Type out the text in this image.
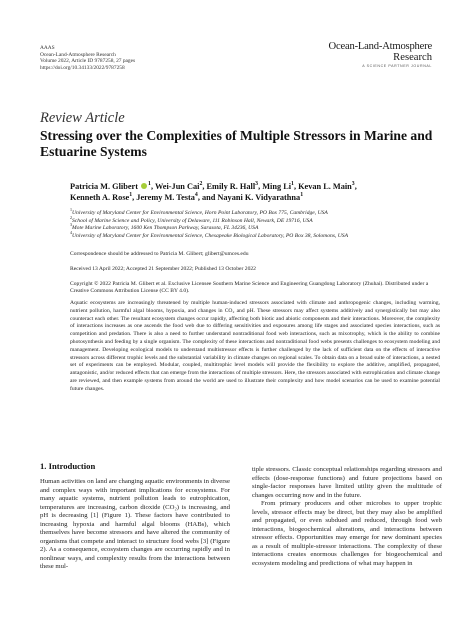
AAAS
Ocean-Land-Atmosphere Research
Volume 2022, Article ID 9787258, 27 pages
https://doi.org/10.34133/2022/9787258
Ocean-Land-Atmosphere
Research
A SCIENCE PARTNER JOURNAL
Review Article
Stressing over the Complexities of Multiple Stressors in Marine and Estuarine Systems
Patricia M. Glibert $^1$, Wei-Jun Cai$^2$, Emily R. Hall$^3$, Ming Li$^1$, Kevan L. Main$^3$,
Kenneth A. Rose$^1$, Jeremy M. Testa$^4$, and Nayani K. Vidyarathna$^1$
$^1$University of Maryland Center for Environmental Science, Horn Point Laboratory, PO Box 775, Cambridge, USA
$^2$School of Marine Science and Policy, University of Delaware, 111 Robinson Hall, Newark, DE 19716, USA
$^3$Mote Marine Laboratory, 1600 Ken Thompson Parkway, Sarasota, FL 34236, USA
$^4$University of Maryland Center for Environmental Science, Chesapeake Biological Laboratory, PO Box 38, Solomons, USA
Correspondence should be addressed to Patricia M. Glibert; glibert@umces.edu
Received 13 April 2022; Accepted 21 September 2022; Published 13 October 2022
Copyright © 2022 Patricia M. Glibert et al. Exclusive Licensee Southern Marine Science and Engineering Guangdong Laboratory (Zhuhai). Distributed under a Creative Commons Attribution License (CC BY 4.0).
Aquatic ecosystems are increasingly threatened by multiple human-induced stressors associated with climate and anthropogenic changes, including warming, nutrient pollution, harmful algal blooms, hypoxia, and changes in CO₂ and pH. These stressors may affect systems additively and synergistically but may also counteract each other. The resultant ecosystem changes occur rapidly, affecting both biotic and abiotic components and their interactions. Moreover, the complexity of interactions increases as one ascends the food web due to differing sensitivities and exposures among life stages and associated species interactions, such as competition and predation. There is also a need to further understand nontraditional food web interactions, such as mixotrophy, which is the ability to combine photosynthesis and feeding by a single organism. The complexity of these interactions and nontraditional food webs presents challenges to ecosystem modeling and management. Developing ecological models to understand multistressor effects is further challenged by the lack of sufficient data on the effects of interactive stressors across different trophic levels and the substantial variability in climate changes on regional scales. To obtain data on a broad suite of interactions, a nested set of experiments can be employed. Modular, coupled, multitrophic level models will provide the flexibility to explore the additive, amplified, propagated, antagonistic, and/or reduced effects that can emerge from the interactions of multiple stressors. Here, the stressors associated with eutrophication and climate change are reviewed, and then example systems from around the world are used to illustrate their complexity and how model scenarios can be used to examine potential future changes.
1. Introduction

Human activities on land are changing aquatic environments in diverse and complex ways with important implications for ecosystems. For many aquatic systems, nutrient pollution leads to eutrophication, temperatures are increasing, carbon dioxide (CO₂) is increasing, and pH is decreasing [1] (Figure 1). These factors have contributed to increasing hypoxia and harmful algal blooms (HABs), which themselves have become stressors and have altered the community of organisms that compete and interact to structure food webs [3] (Figure 2). As a consequence, ecosystem changes are occurring rapidly and in nonlinear ways, and complexity results from the interactions between these mul-

tiple stressors. Classic conceptual relationships regarding stressors and effects (dose-response functions) and future projections based on single-factor responses have limited utility given the multitude of changes occurring now and in the future.

From primary producers and other microbes to upper trophic levels, stressor effects may be direct, but they may also be amplified and propagated, or even subdued and reduced, through food web interactions, biogeochemical alterations, and interactions between stressor effects. Opportunities may emerge for new dominant species as a result of multiple-stressor interactions. The complexity of these interactions creates enormous challenges for biogeochemical and ecosystem modeling and predictions of what may happen in
